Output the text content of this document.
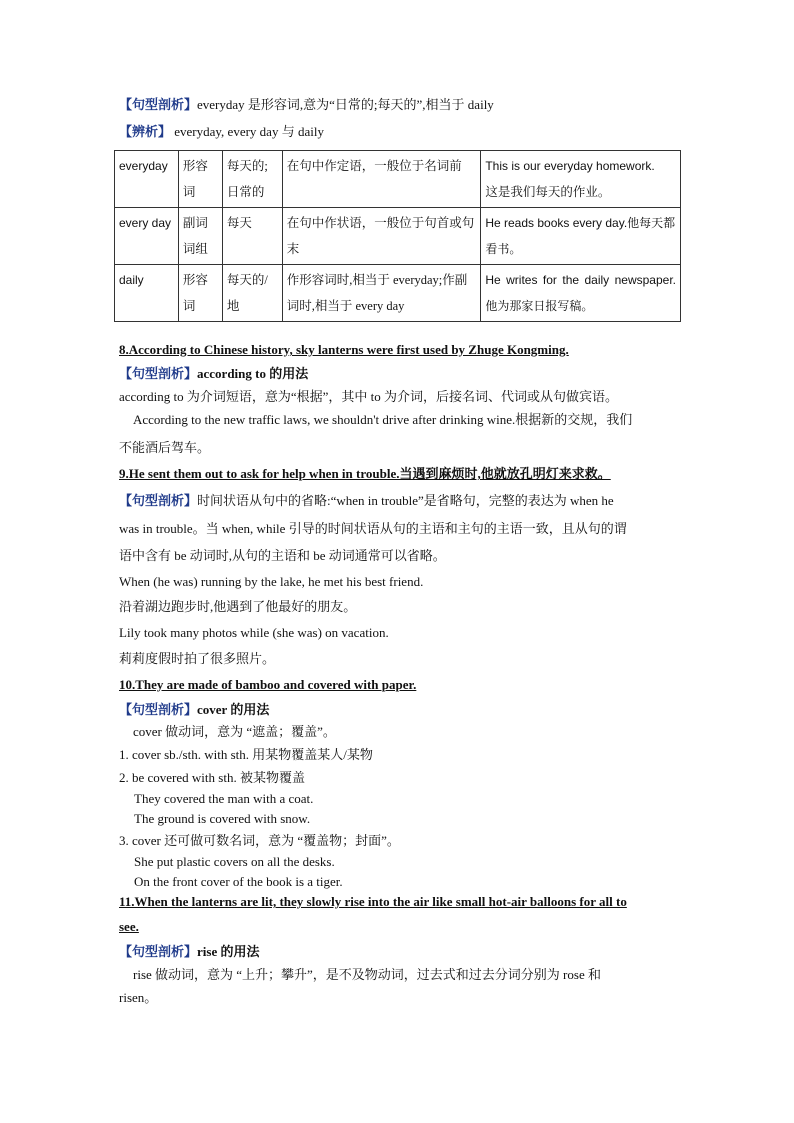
【句型剖析】everyday 是形容词,意为“日常的;每天的”,相当于 daily
【辨析】 everyday, every day 与 daily
everyday	形容词	每天的;日常的	在句中作定语，一般位于名词前	This is our everyday homework.
这是我们每天的作业。

every day	副词词组	每天	在句中作状语，一般位于句首或句末	He reads books every day.他每天都看书。
daily	形容词	每天的/地	作形容词时,相当于 everyday;作副词时,相当于 every day	He writes for the daily newspaper.他为那家日报写稿。
8.According to Chinese history, sky lanterns were first used by Zhuge Kongming.
【句型剖析】according to 的用法
according to 为介词短语，意为“根据”，其中 to 为介词，后接名词、代词或从句做宾语。
According to the new traffic laws, we shouldn't drive after drinking wine.根据新的交规，我们
不能酒后驾车。
9.He sent them out to ask for help when in trouble.当遇到麻烦时,他就放孔明灯来求救。
【句型剖析】时间状语从句中的省略:“when in trouble”是省略句，完整的表达为 when he
was in trouble。当 when, while 引导的时间状语从句的主语和主句的主语一致，且从句的谓
语中含有 be 动词时,从句的主语和 be 动词通常可以省略。
When (he was) running by the lake, he met his best friend.
沿着湖边跑步时,他遇到了他最好的朋友。
Lily took many photos while (she was) on vacation.
莉莉度假时拍了很多照片。
10.They are made of bamboo and covered with paper.
【句型剖析】cover 的用法
cover 做动词，意为 “遮盖；覆盖”。
1. cover sb./sth. with sth. 用某物覆盖某人/某物
2. be covered with sth. 被某物覆盖
They covered the man with a coat.
The ground is covered with snow.
3. cover 还可做可数名词，意为 “覆盖物；封面”。
She put plastic covers on all the desks.
On the front cover of the book is a tiger.
11.When the lanterns are lit, they slowly rise into the air like small hot-air balloons for all to
see.
【句型剖析】rise 的用法
rise 做动词，意为 “上升；攀升”，是不及物动词，过去式和过去分词分别为 rose 和
risen。
